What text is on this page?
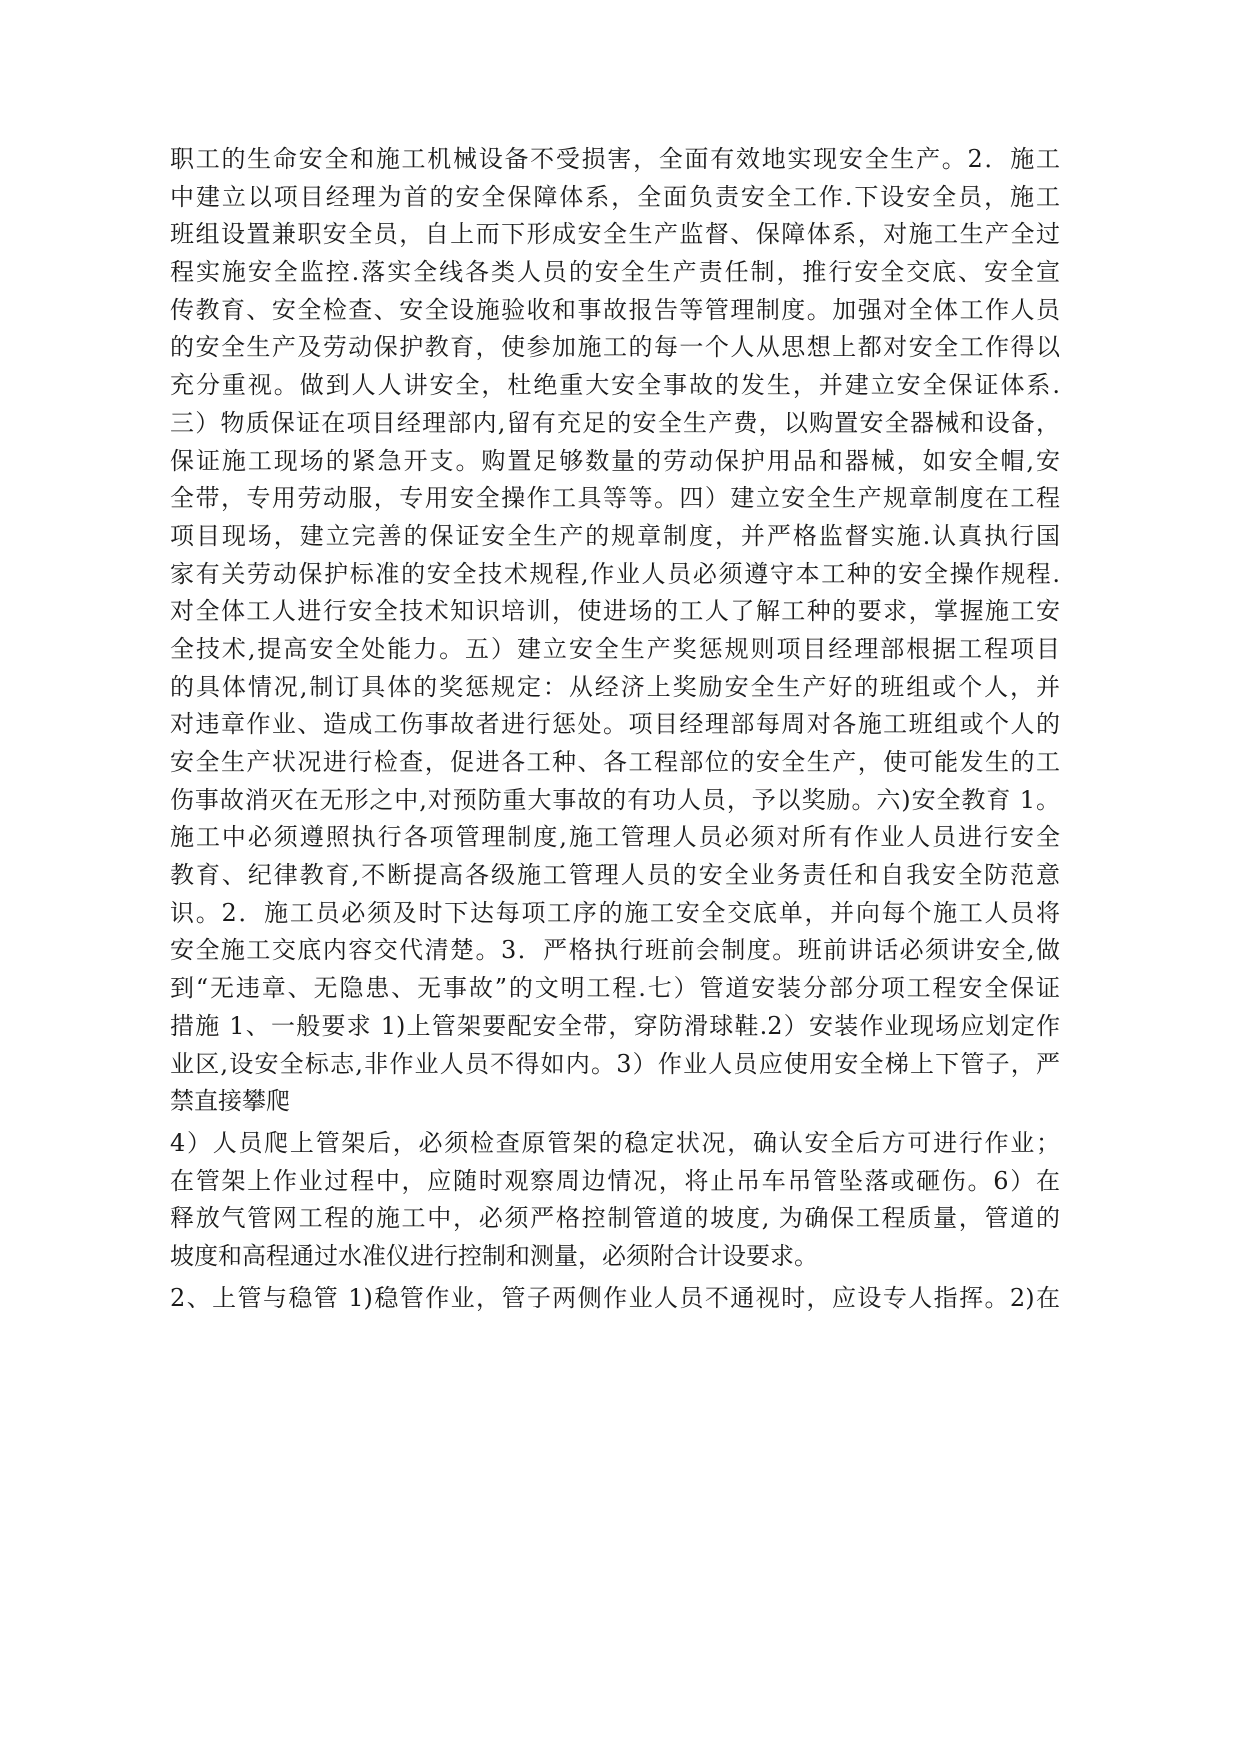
职工的生命安全和施工机械设备不受损害，全面有效地实现安全生产。2．施工
中建立以项目经理为首的安全保障体系，全面负责安全工作.下设安全员，施工
班组设置兼职安全员，自上而下形成安全生产监督、保障体系，对施工生产全过
程实施安全监控.落实全线各类人员的安全生产责任制，推行安全交底、安全宣
传教育、安全检查、安全设施验收和事故报告等管理制度。加强对全体工作人员
的安全生产及劳动保护教育，使参加施工的每一个人从思想上都对安全工作得以
充分重视。做到人人讲安全，杜绝重大安全事故的发生，并建立安全保证体系.
三）物质保证在项目经理部内,留有充足的安全生产费，以购置安全器械和设备，
保证施工现场的紧急开支。购置足够数量的劳动保护用品和器械，如安全帽,安
全带，专用劳动服，专用安全操作工具等等。四）建立安全生产规章制度在工程
项目现场，建立完善的保证安全生产的规章制度，并严格监督实施.认真执行国
家有关劳动保护标准的安全技术规程,作业人员必须遵守本工种的安全操作规程.
对全体工人进行安全技术知识培训，使进场的工人了解工种的要求，掌握施工安
全技术,提高安全处能力。五）建立安全生产奖惩规则项目经理部根据工程项目
的具体情况,制订具体的奖惩规定：从经济上奖励安全生产好的班组或个人，并
对违章作业、造成工伤事故者进行惩处。项目经理部每周对各施工班组或个人的
安全生产状况进行检查，促进各工种、各工程部位的安全生产，使可能发生的工
伤事故消灭在无形之中,对预防重大事故的有功人员，予以奖励。六)安全教育 1。
施工中必须遵照执行各项管理制度,施工管理人员必须对所有作业人员进行安全
教育、纪律教育,不断提高各级施工管理人员的安全业务责任和自我安全防范意
识。2．施工员必须及时下达每项工序的施工安全交底单，并向每个施工人员将
安全施工交底内容交代清楚。3．严格执行班前会制度。班前讲话必须讲安全,做
到“无违章、无隐患、无事故”的文明工程.七）管道安装分部分项工程安全保证
措施 1、一般要求 1)上管架要配安全带，穿防滑球鞋.2）安装作业现场应划定作
业区,设安全标志,非作业人员不得如内。3）作业人员应使用安全梯上下管子，严
禁直接攀爬
4）人员爬上管架后，必须检查原管架的稳定状况，确认安全后方可进行作业；
在管架上作业过程中，应随时观察周边情况，将止吊车吊管坠落或砸伤。6）在
释放气管网工程的施工中，必须严格控制管道的坡度, 为确保工程质量，管道的
坡度和高程通过水准仪进行控制和测量，必须附合计设要求。
2、上管与稳管 1)稳管作业，管子两侧作业人员不通视时，应设专人指挥。2)在
